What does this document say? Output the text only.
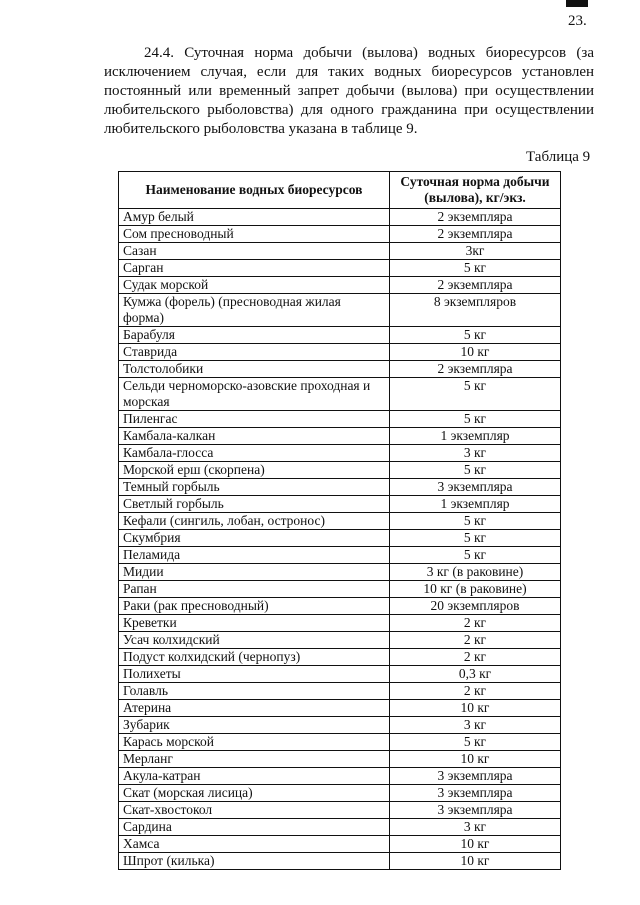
23.

24.4. Суточная норма добычи (вылова) водных биоресурсов (за исключением случая, если для таких водных биоресурсов установлен постоянный или временный запрет добычи (вылова) при осуществлении любительского рыболовства) для одного гражданина при осуществлении любительского рыболовства указана в таблице 9.

Таблица 9
Наименование водных биоресурсов	Суточная норма добычи (вылова), кг/экз.
Амур белый	2 экземпляра
Сом пресноводный	2 экземпляра
Сазан	3кг
Сарган	5 кг
Судак морской	2 экземпляра
Кумжа (форель) (пресноводная жилая форма)	8 экземпляров
Барабуля	5 кг
Ставрида	10 кг
Толстолобики	2 экземпляра
Сельди черноморско-азовские проходная и морская	5 кг
Пиленгас	5 кг
Камбала-калкан	1 экземпляр
Камбала-глосса	3 кг
Морской ерш (скорпена)	5 кг
Темный горбыль	3 экземпляра
Светлый горбыль	1 экземпляр
Кефали (сингиль, лобан, остронос)	5 кг
Скумбрия	5 кг
Пеламида	5 кг
Мидии	3 кг (в раковине)
Рапан	10 кг (в раковине)
Раки (рак пресноводный)	20 экземпляров
Креветки	2 кг
Усач колхидский	2 кг
Подуст колхидский (чернопуз)	2 кг
Полихеты	0,3 кг
Голавль	2 кг
Атерина	10 кг
Зубарик	3 кг
Карась морской	5 кг
Мерланг	10 кг
Акула-катран	3 экземпляра
Скат (морская лисица)	3 экземпляра
Скат-хвостокол	3 экземпляра
Сардина	3 кг
Хамса	10 кг
Шпрот (килька)	10 кг
